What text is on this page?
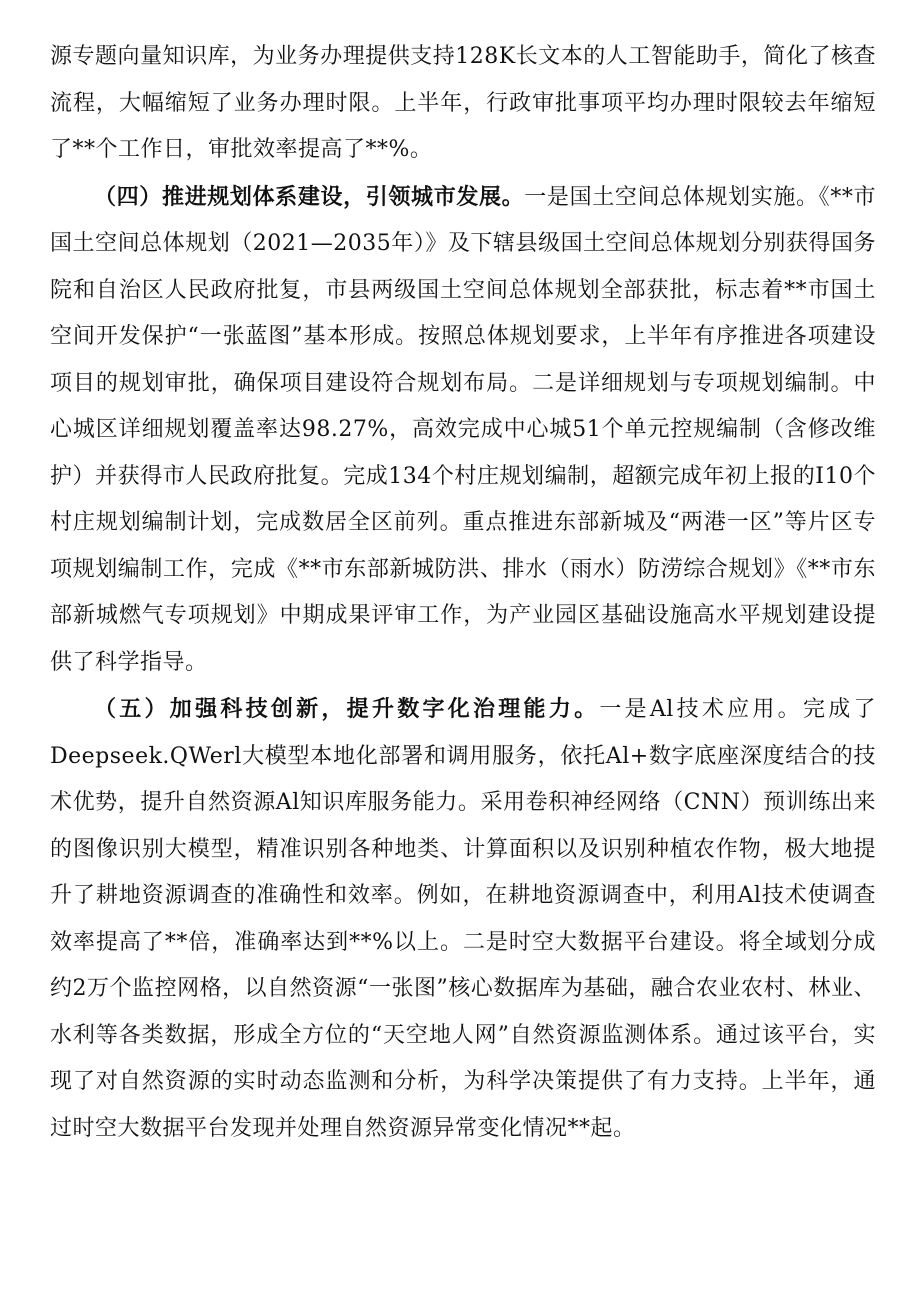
源专题向量知识库，为业务办理提供支持128K长文本的人工智能助手，简化了核查流程，大幅缩短了业务办理时限。上半年，行政审批事项平均办理时限较去年缩短了**个工作日，审批效率提高了**%。

（四）推进规划体系建设，引领城市发展。一是国土空间总体规划实施。《**市国土空间总体规划（2021—2035年）》及下辖县级国土空间总体规划分别获得国务院和自治区人民政府批复，市县两级国土空间总体规划全部获批，标志着**市国土空间开发保护“一张蓝图”基本形成。按照总体规划要求，上半年有序推进各项建设项目的规划审批，确保项目建设符合规划布局。二是详细规划与专项规划编制。中心城区详细规划覆盖率达98.27%，高效完成中心城51个单元控规编制（含修改维护）并获得市人民政府批复。完成134个村庄规划编制，超额完成年初上报的I10个村庄规划编制计划，完成数居全区前列。重点推进东部新城及“两港一区”等片区专项规划编制工作，完成《**市东部新城防洪、排水（雨水）防涝综合规划》《**市东部新城燃气专项规划》中期成果评审工作，为产业园区基础设施高水平规划建设提供了科学指导。

（五）加强科技创新，提升数字化治理能力。一是Al技术应用。完成了Deepseek.QWerl大模型本地化部署和调用服务，依托Al+数字底座深度结合的技术优势，提升自然资源Al知识库服务能力。采用卷积神经网络（CNN）预训练出来的图像识别大模型，精准识别各种地类、计算面积以及识别种植农作物，极大地提升了耕地资源调查的准确性和效率。例如，在耕地资源调查中，利用Al技术使调查效率提高了**倍，准确率达到**%以上。二是时空大数据平台建设。将全域划分成约2万个监控网格，以自然资源“一张图”核心数据库为基础，融合农业农村、林业、水利等各类数据，形成全方位的“天空地人网”自然资源监测体系。通过该平台，实现了对自然资源的实时动态监测和分析，为科学决策提供了有力支持。上半年，通过时空大数据平台发现并处理自然资源异常变化情况**起。
